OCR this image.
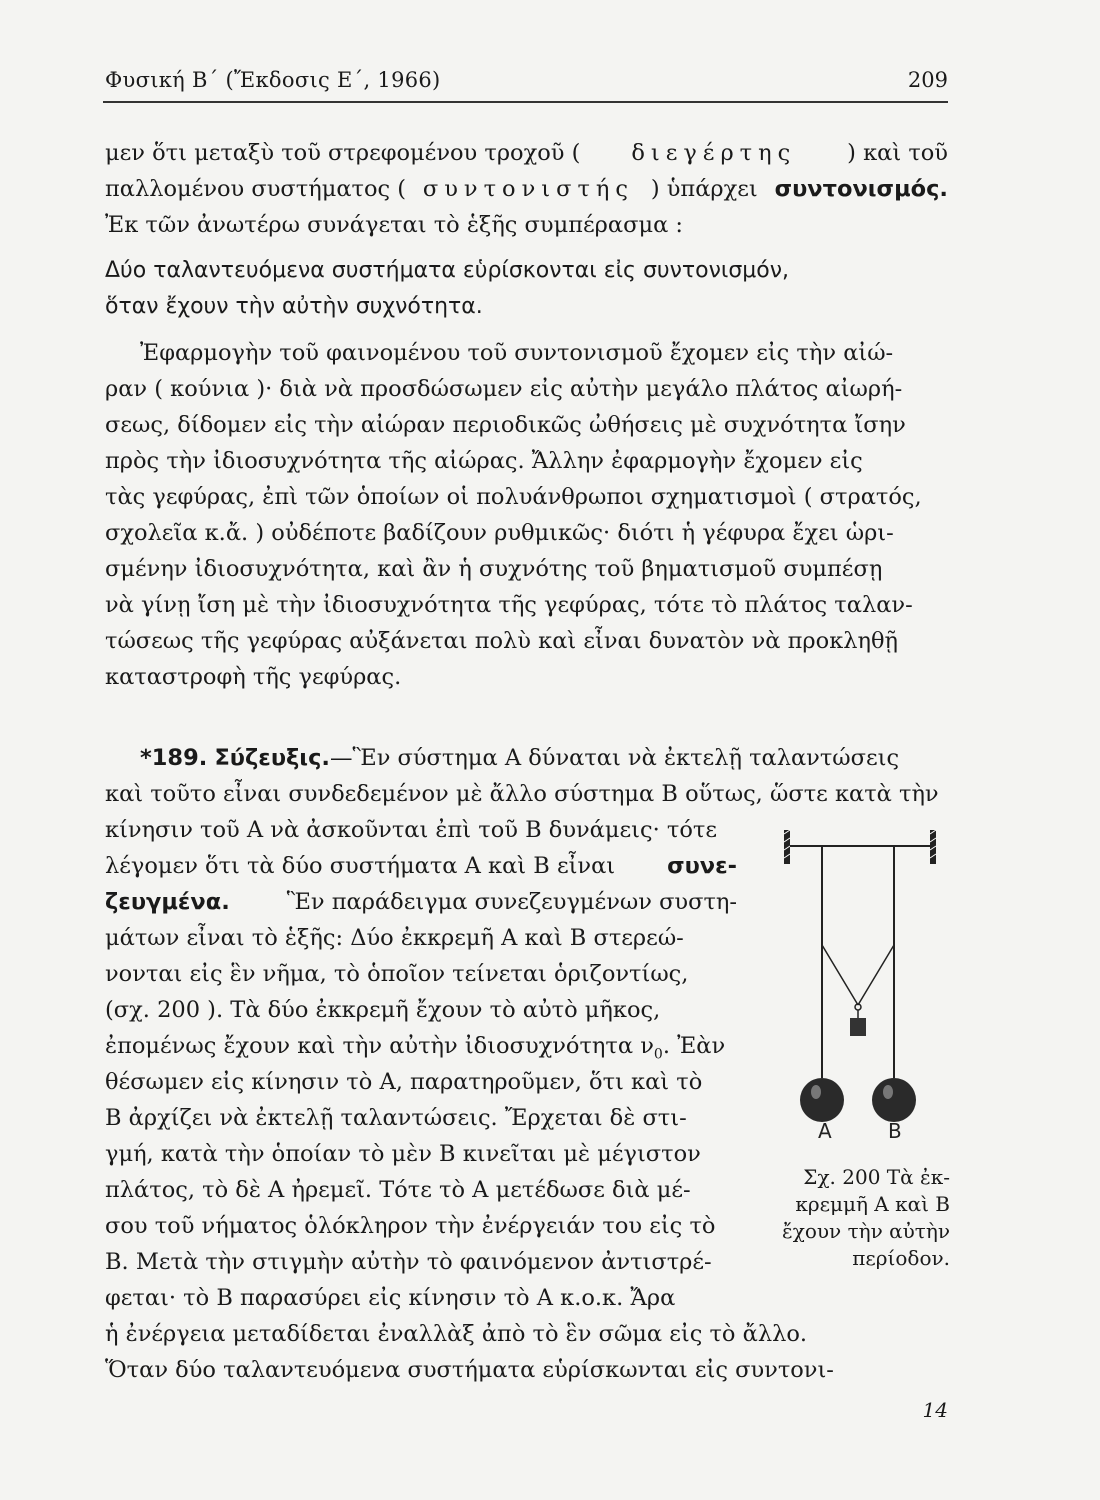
Φυσική Β΄ (Ἔκδοσις Ε΄, 1966)	209
μεν ὅτι μεταξὺ τοῦ στρεφομένου τροχοῦ ( διεγέρτης ) καὶ τοῦ
παλλομένου συστήματος ( συντονιστής ) ὑπάρχει συντονισμός.
Ἐκ τῶν ἀνωτέρω συνάγεται τὸ ἑξῆς συμπέρασμα :
Δύο ταλαντευόμενα συστήματα εὑρίσκονται εἰς συντονισμόν,
ὅταν ἔχουν τὴν αὐτὴν συχνότητα.
Ἐφαρμογὴν τοῦ φαινομένου τοῦ συντονισμοῦ ἔχομεν εἰς τὴν αἰώ-
ραν ( κούνια )· διὰ νὰ προσδώσωμεν εἰς αὐτὴν μεγάλο πλάτος αἰωρή-
σεως, δίδομεν εἰς τὴν αἰώραν περιοδικῶς ὠθήσεις μὲ συχνότητα ἴσην
πρὸς τὴν ἰδιοσυχνότητα τῆς αἰώρας. Ἄλλην ἐφαρμογὴν ἔχομεν εἰς
τὰς γεφύρας, ἐπὶ τῶν ὁποίων οἱ πολυάνθρωποι σχηματισμοὶ ( στρατός,
σχολεῖα κ.ἄ. ) οὐδέποτε βαδίζουν ρυθμικῶς· διότι ἡ γέφυρα ἔχει ὡρι-
σμένην ἰδιοσυχνότητα, καὶ ἂν ἡ συχνότης τοῦ βηματισμοῦ συμπέσῃ
νὰ γίνῃ ἴση μὲ τὴν ἰδιοσυχνότητα τῆς γεφύρας, τότε τὸ πλάτος ταλαν-
τώσεως τῆς γεφύρας αὐξάνεται πολὺ καὶ εἶναι δυνατὸν νὰ προκληθῇ
καταστροφὴ τῆς γεφύρας.
*189. Σύζευξις.—Ἓν σύστημα Α δύναται νὰ ἐκτελῇ ταλαντώσεις
καὶ τοῦτο εἶναι συνδεδεμένον μὲ ἄλλο σύστημα Β οὕτως, ὥστε κατὰ τὴν
κίνησιν τοῦ Α νὰ ἀσκοῦνται ἐπὶ τοῦ Β δυνάμεις· τότε
λέγομεν ὅτι τὰ δύο συστήματα Α καὶ Β εἶναι συνε-
ζευγμένα.	Ἓν παράδειγμα συνεζευγμένων συστη-
μάτων εἶναι τὸ ἑξῆς: Δύο ἐκκρεμῆ Α καὶ Β στερεώ-
νονται εἰς ἓν νῆμα, τὸ ὁποῖον τείνεται ὁριζοντίως,
(σχ. 200 ). Τὰ δύο ἐκκρεμῆ ἔχουν τὸ αὐτὸ μῆκος,
ἐπομένως ἔχουν καὶ τὴν αὐτὴν ἰδιοσυχνότητα $\nu_0$. Ἐὰν
θέσωμεν εἰς κίνησιν τὸ Α, παρατηροῦμεν, ὅτι καὶ τὸ
Β ἀρχίζει νὰ ἐκτελῇ ταλαντώσεις. Ἔρχεται δὲ στι-
γμή, κατὰ τὴν ὁποίαν τὸ μὲν Β κινεῖται μὲ μέγιστον
πλάτος, τὸ δὲ Α ἠρεμεῖ. Τότε τὸ Α μετέδωσε διὰ μέ-
σου τοῦ νήματος ὁλόκληρον τὴν ἐνέργειάν του εἰς τὸ
Β. Μετὰ τὴν στιγμὴν αὐτὴν τὸ φαινόμενον ἀντιστρέ-
φεται· τὸ Β παρασύρει εἰς κίνησιν τὸ Α κ.ο.κ. Ἄρα
ἡ ἐνέργεια μεταδίδεται ἐναλλὰξ ἀπὸ τὸ ἓν σῶμα εἰς τὸ ἄλλο.
Ὅταν δύο ταλαντευόμενα συστήματα εὑρίσκωνται εἰς συντονι-
A	B
Σχ. 200 Τὰ ἐκ-
κρεμμῆ Α καὶ Β
ἔχουν τὴν αὐτὴν
περίοδον.
14
